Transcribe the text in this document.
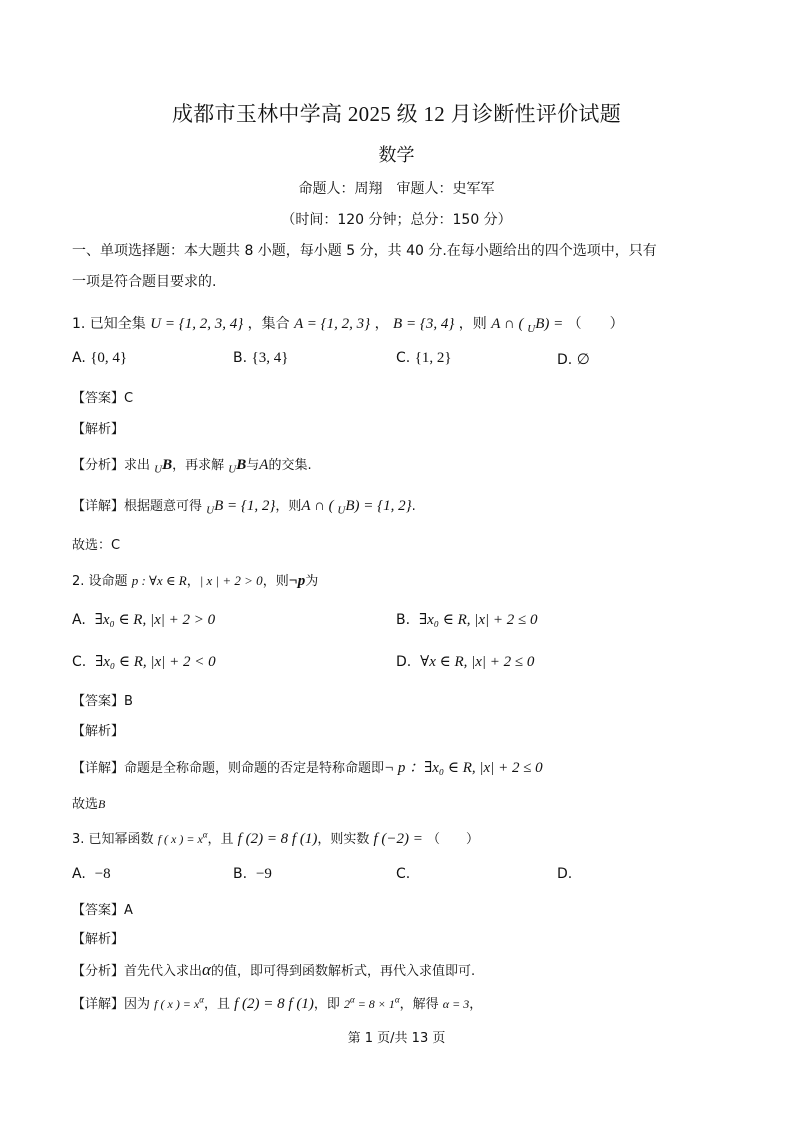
成都市玉林中学高 2025 级 12 月诊断性评价试题
数学
命题人：周翔　审题人：史军军
（时间：120 分钟；总分：150 分）
一、单项选择题：本大题共 8 小题，每小题 5 分，共 40 分.在每小题给出的四个选项中，只有
一项是符合题目要求的.
1. 已知全集 U = {1, 2, 3, 4} ，集合 A = {1, 2, 3} ， B = {3, 4} ，则 A ∩ ( $_U$B) = （　　）
A. {0, 4}	B. {3, 4}	C. {1, 2}	D. ∅
【答案】C
【解析】
【分析】求出 $_U$B，再求解 $_U$B与A的交集.
【详解】根据题意可得 $_U$B = {1, 2}，则A ∩ ( $_U$B) = {1, 2}.
故选：C
2. 设命题 p : ∀x ∈ R，| x | + 2 > 0，则¬p为
A. ∃x₀ ∈ R, |x| + 2 > 0	B. ∃x₀ ∈ R, |x| + 2 ≤ 0
C. ∃x₀ ∈ R, |x| + 2 < 0	D. ∀x ∈ R, |x| + 2 ≤ 0
【答案】B
【解析】
【详解】命题是全称命题，则命题的否定是特称命题即¬ p ：∃x₀ ∈ R, |x| + 2 ≤ 0
故选B
3. 已知幂函数 f ( x ) = $x^\alpha$，且 f (2) = 8 f (1)，则实数 f (−2) = （　　）
A. −8	B. −9	C.	D.
【答案】A
【解析】
【分析】首先代入求出α的值，即可得到函数解析式，再代入求值即可.
【详解】因为 f ( x ) = $x^\alpha$，且 f (2) = 8 f (1)，即 $2^\alpha = 8 \times 1^\alpha$，解得 α = 3，
第 1 页/共 13 页
